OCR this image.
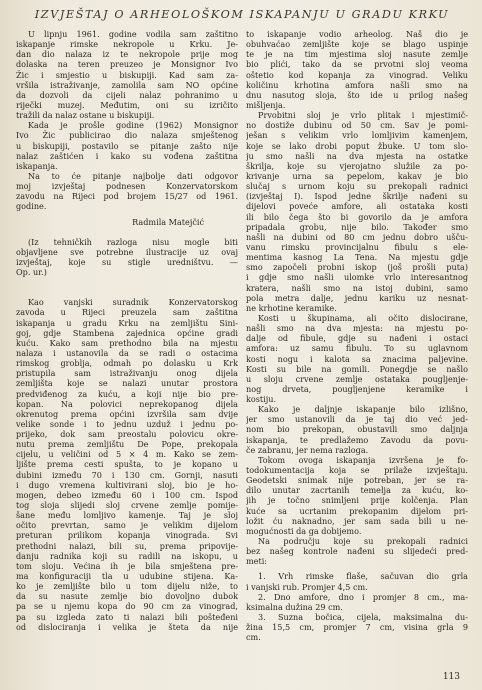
IZVJEŠTAJ O ARHEOLOŠKOM ISKAPANJU U GRADU KRKU
U lipnju 1961. godine vodila sam zaštitno
iskapanje rimske nekropole u Krku. Je-
dan dio nalaza iz te nekropole prije mog
dolaska na teren preuzeo je Monsignor Ivo
Žic i smjestio u biskupiji. Kad sam za-
vršila istraživanje, zamolila sam NO općine
da dozvoli da cijeli nalaz pohranimo u
riječki muzej. Međutim, oni su izričito
tražili da nalaz ostane u biskupiji.
Kada je prošle godine (1962) Monsignor
Ivo Žic publicirao dio nalaza smještenog
u biskupiji, postavilo se pitanje zašto nije
nalaz zaštićen i kako su vođena zaštitna
iskapanja.
Na to će pitanje najbolje dati odgovor
moj izvještaj podnesen Konzervatorskom
zavodu na Rijeci pod brojem 15/27 od 1961.
godine.
Radmila Matejčić
(Iz tehničkih razloga nisu mogle biti
objavljene sve potrebne ilustracije uz ovaj
izvještaj, koje su stigle uredništvu. —
Op. ur.)
Kao vanjski suradnik Konzervatorskog
zavoda u Rijeci preuzela sam zaštitna
iskapanja u gradu Krku na zemljištu Sini-
goj, gdje Stambena zajednica općine gradi
kuću. Kako sam prethodno bila na mjestu
nalaza i ustanovila da se radi o ostacima
rimskog groblja, odmah po dolasku u Krk
pristupila sam istraživanju onog dijela
zemljišta koje se nalazi unutar prostora
predviđenog za kuću, a koji nije bio pre-
kopan. Na polovici neprekopanog dijela
okrenutog prema općini izvršila sam dvije
velike sonde i to jednu uzduž i jednu po-
prijeko, dok sam preostalu polovicu okre-
nutu prema zemljištu De Pope, prekopala
cijelu, u veličini od 5 × 4 m. Kako se zem-
ljište prema cesti spušta, to je kopano u
dubini između 70 i 130 cm. Gornji, nasuti
i dugo vremena kultivirani sloj, bio je ho-
mogen, debeo između 60 i 100 cm. Ispod
tog sloja slijedi sloj crvene zemlje pomije-
šane među lomljivo kamenje. Taj je sloj
očito prevrtan, samo je velikim dijelom
preturan prilikom kopanja vinograda. Svi
prethodni nalazi, bili su, prema pripovije-
danju radnika koji su radili na iskopu, u
tom sloju. Većina ih je bila smještena pre-
ma konfiguraciji tla u udubine stijena. Ka-
ko je zemljište bilo u tom dijelu niže, to
da su nasute zemlje bio dovoljno dubok
pa se u njemu kopa do 90 cm za vinograd,
pa su izgleda zato ti nalazi bili pošteđeni
od dislociranja i velika je šteta da nije
to iskapanje vodio arheolog. Naš dio je
obuhvaćao zemljište koje se blago uspinje
te je na tim mjestima sloj nasute zemlje
bio plići, tako da se prvotni sloj veoma
oštetio kod kopanja za vinograd. Veliku
količinu krhotina amfora našli smo na
dnu nasutog sloja, što ide u prilog našeg
mišljenja.
Prvobitni sloj je vrlo plitak i mjestimič-
no dostiže dubinu od 50 cm. Sav je pomi-
ješan s velikim vrlo lomljivim kamenjem,
koje se lako drobi poput žbuke. U tom slo-
ju smo našli na dva mjesta na ostatke
škrilja, koje su vjerojatno služile za po-
krivanje urna sa pepelom, kakav je bio
slučaj s urnom koju su prekopali radnici
(izvještaj I). Ispod jedne škrilje nađeni su
dijelovi povеće amfore, ali ostataka kosti
ili bilo čega što bi govorilo da je amfora
pripadala grobu, nije bilo. Također smo
našli na dubini od 80 cm jednu dobro ušču-
vanu rimsku provincijalnu fibulu s ele-
mentima kasnog La Tena. Na mjestu gdje
smo započeli probni iskop (još prošli puta)
i gdje smo našli ulomke vrlo interesantnog
kratera, našli smo na istoj dubini, samo
pola metra dalje, jednu kariku uz nesnat-
ne krhotine keramike.
Kosti u škupinama, ali očito dislocirane,
našli smo na dva mjesta: na mjestu po-
dalje od fibule, gdje su nađeni i ostaci
amfora: uz samu fibulu. To su uglavnom
kosti nogu i kalota sa znacima paljevine.
Kosti su bile na gomili. Ponegdje se našlo
u sloju crvene zemlje ostataka pougljenje-
nog drveta, pougljenjene keramike i
kostiju.
Kako je daljnje iskapanje bilo izlišno,
jer smo ustanovili da je taj dio već jed-
nom bio prekopan, obustavili smo daljnja
iskapanja, te predlažemo Zavodu da povu-
če zabranu, jer nema razloga.
Tokom ovoga iskapanja izvršena je fo-
todokumentacija koja se prilaže izvještaju.
Geodetski snimak nije potreban, jer se ra-
dilo unutar zacrtanih temelja za kuću, ko-
jih je točno snimljeni prije kolčenja. Plan
kuće sa ucrtanim prekopanim dijelom pri-
ložit ću naknadno, jer sam sada bili u ne-
mogućnosti da ga dobijemo.
Na području koje su prekopali radnici
bez našeg kontrole nađeni su slijedeći pred-
meti:
1. Vrh rimske flaše, sačuvan dio grla
i vanjski rub. Promjer 4,5 cm.
2. Dno amfore, dno i promjer 8 cm., ma-
ksimalna dužina 29 cm.
3. Suzna bočica, cijela, maksimalna du-
žina 15,5 cm, promjer 7 cm, visina grla 9
cm.
113
